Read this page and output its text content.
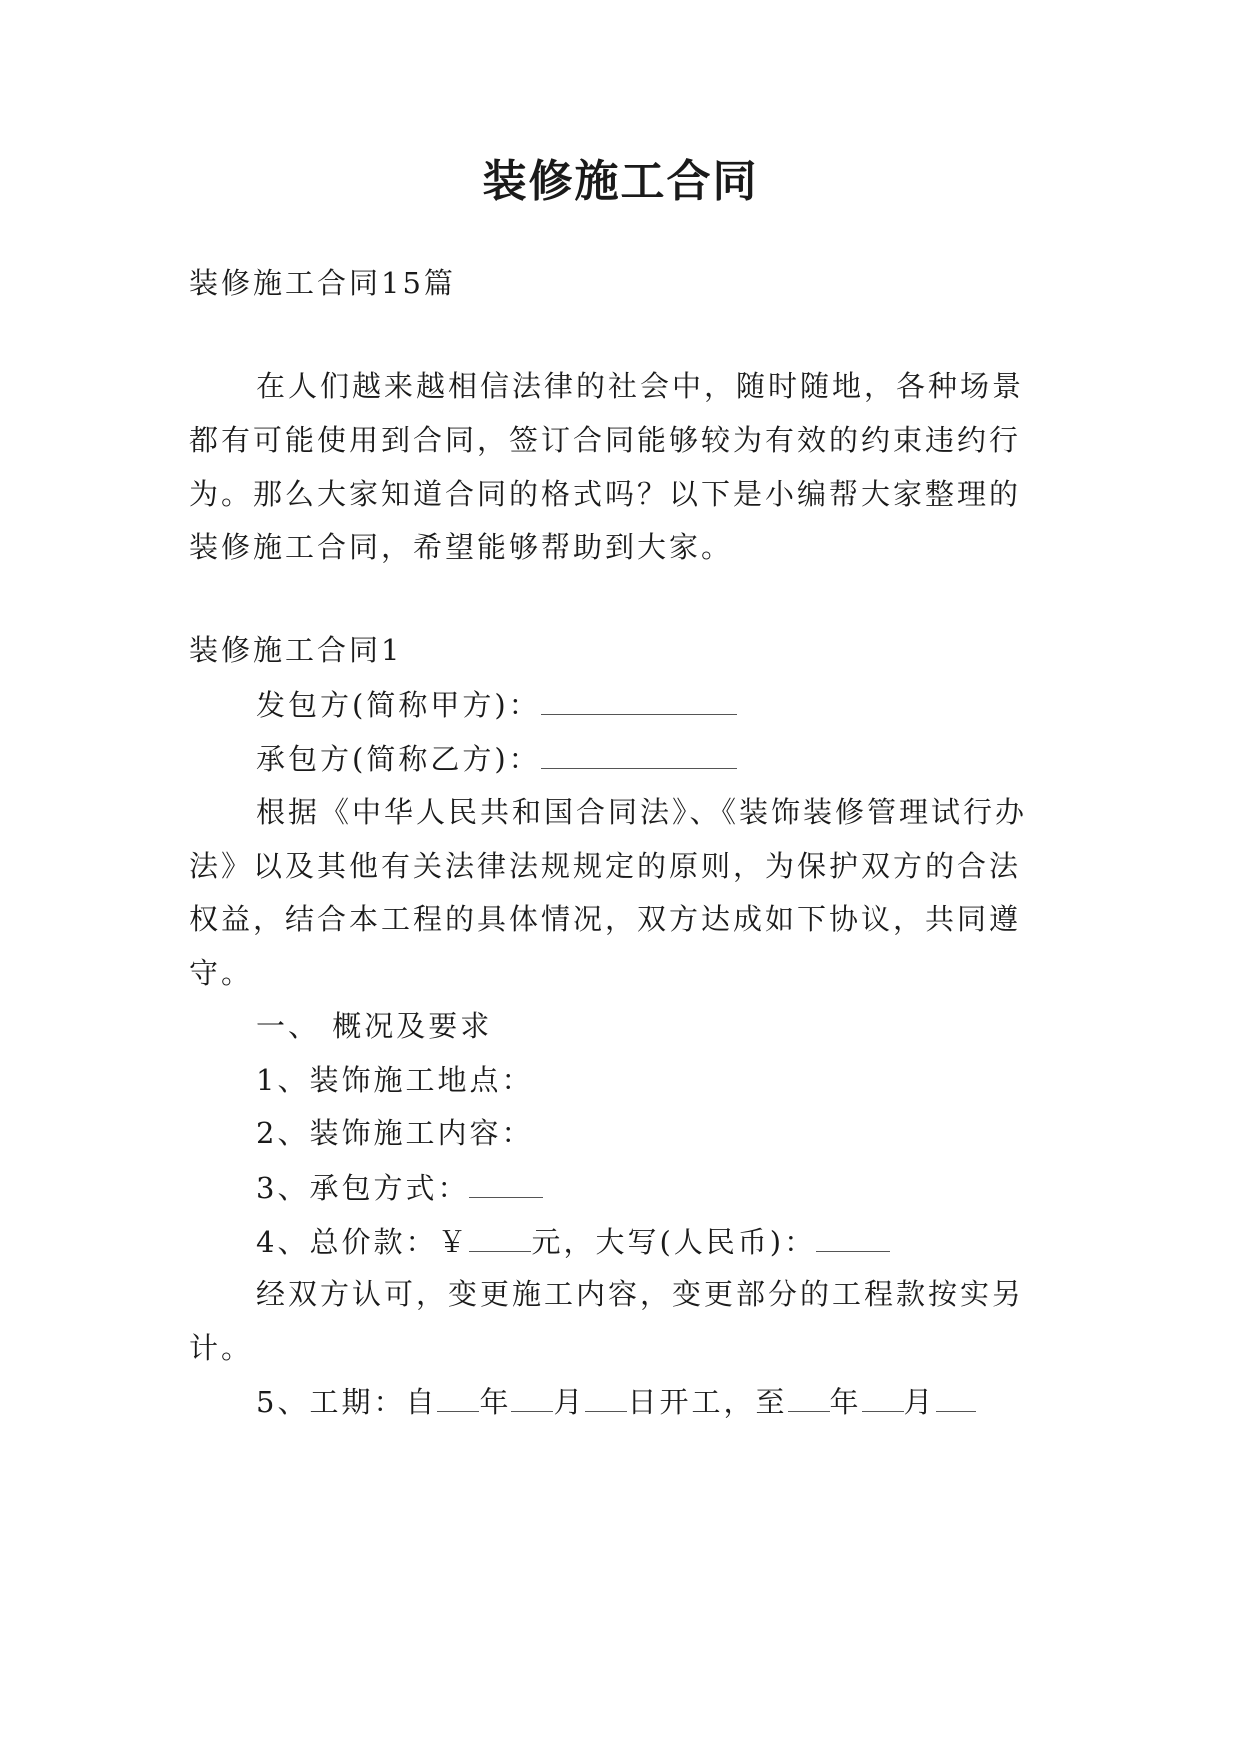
装修施工合同
装修施工合同15篇
在人们越来越相信法律的社会中，随时随地，各种场景
都有可能使用到合同，签订合同能够较为有效的约束违约行
为。那么大家知道合同的格式吗？以下是小编帮大家整理的
装修施工合同，希望能够帮助到大家。
装修施工合同1
发包方(简称甲方)：
承包方(简称乙方)：
根据《中华人民共和国合同法》、《装饰装修管理试行办
法》以及其他有关法律法规规定的原则，为保护双方的合法
权益，结合本工程的具体情况，双方达成如下协议，共同遵
守。
一、 概况及要求
1、装饰施工地点：
2、装饰施工内容：
3、承包方式：
4、总价款：￥ 元，大写(人民币)：
经双方认可，变更施工内容，变更部分的工程款按实另
计。
5、工期：自 年 月 日开工，至 年 月
